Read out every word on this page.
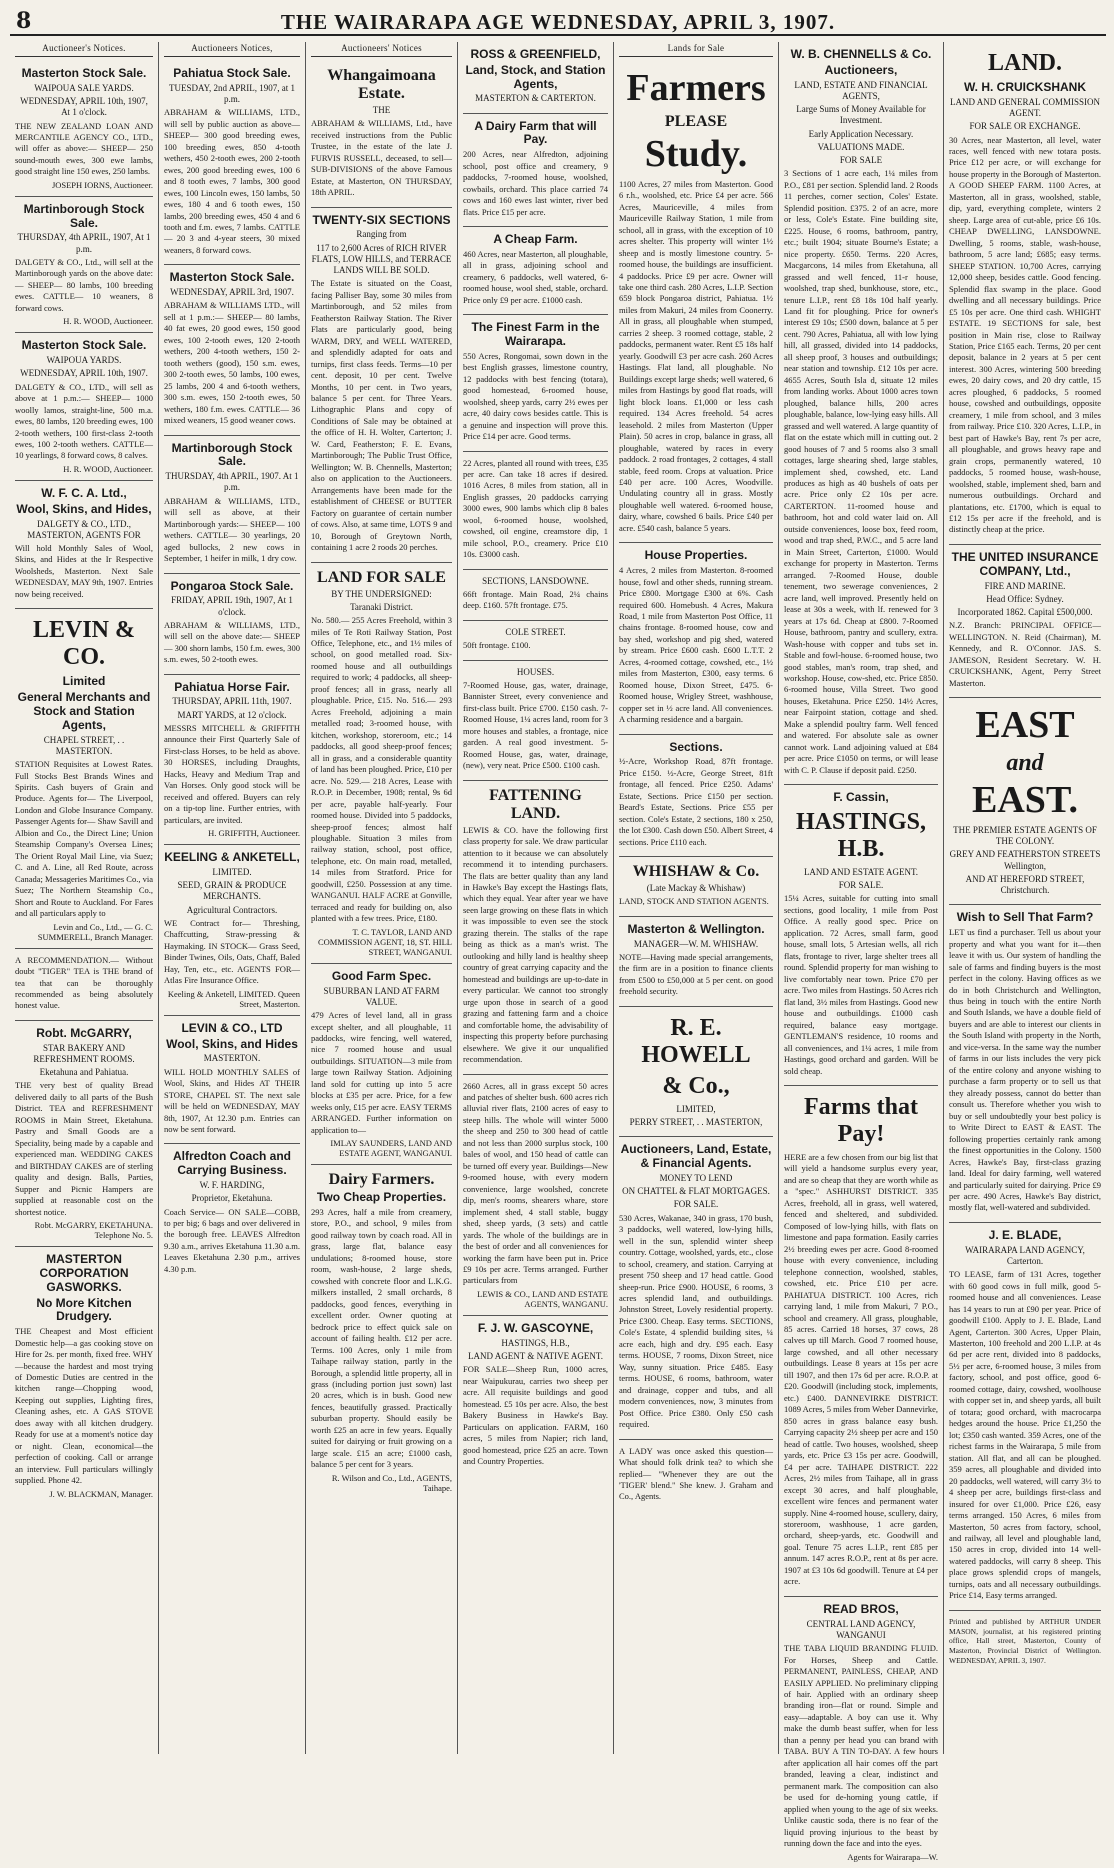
8	THE WAIRARAPA AGE WEDNESDAY, APRIL 3, 1907.
Auctioneer's Notices.
Masterton Stock Sale.
WAIPOUA SALE YARDS.
WEDNESDAY, APRIL 10th, 1907, At 1 o'clock.

THE NEW ZEALAND LOAN AND MERCANTILE AGENCY CO., LTD., will offer as above:— SHEEP— 250 sound-mouth ewes, 300 ewe lambs, good straight line 150 ewes, 250 lambs.

JOSEPH IORNS, Auctioneer.
Martinborough Stock Sale.
THURSDAY, 4th APRIL, 1907, At 1 p.m.

DALGETY & CO., Ltd., will sell at the Martinborough yards on the above date:— SHEEP— 80 lambs, 100 breeding ewes. CATTLE— 10 weaners, 8 forward cows.

H. R. WOOD, Auctioneer.
Masterton Stock Sale.
WAIPOUA YARDS.
WEDNESDAY, APRIL 10th, 1907.

DALGETY & CO., LTD., will sell as above at 1 p.m.:— SHEEP— 1000 woolly lamos, straight-line, 500 m.a. ewes, 80 lambs, 120 breeding ewes, 100 2-tooth wethers, 100 first-class 2-tooth ewes, 100 2-tooth wethers. CATTLE— 10 yearlings, 8 forward cows, 8 calves.

H. R. WOOD, Auctioneer.
W. F. C. A. Ltd.,
Wool, Skins, and Hides,
DALGETY & CO., LTD., MASTERTON, AGENTS FOR

Will hold Monthly Sales of Wool, Skins, and Hides at the Ir Respective Woolsheds, Masterton. Next Sale WEDNESDAY, MAY 9th, 1907. Entries now being received.

LEVIN & CO.
Limited
General Merchants and Stock and Station Agents,
CHAPEL STREET, . . MASTERTON.

STATION Requisites at Lowest Rates. Full Stocks Best Brands Wines and Spirits. Cash buyers of Grain and Produce. Agents for— The Liverpool, London and Globe Insurance Company. Passenger Agents for— Shaw Savill and Albion and Co., the Direct Line; Union Steamship Company's Oversea Lines; The Orient Royal Mail Line, via Suez; C. and A. Line, all Red Route, across Canada; Messageries Maritimes Co., via Suez; The Northern Steamship Co., Short and Route to Auckland. For Fares and all particulars apply to

Levin and Co., Ltd., — G. C. SUMMERELL, Branch Manager.

A RECOMMENDATION.— Without doubt "TIGER" TEA is THE brand of tea that can be thoroughly recommended as being absolutely honest value.

Robt. McGARRY,
STAR BAKERY AND REFRESHMENT ROOMS.
Eketahuna and Pahiatua.

THE very best of quality Bread delivered daily to all parts of the Bush District. TEA and REFRESHMENT ROOMS in Main Street, Eketahuna. Pastry and Small Goods are a Speciality, being made by a capable and experienced man. WEDDING CAKES and BIRTHDAY CAKES are of sterling quality and design. Balls, Parties, Supper and Picnic Hampers are supplied at reasonable cost on the shortest notice.

Robt. McGARRY, EKETAHUNA. Telephone No. 5.
MASTERTON CORPORATION GASWORKS.
No More Kitchen Drudgery.

THE Cheapest and Most efficient Domestic help—a gas cooking stove on Hire for 2s. per month, fixed free. WHY—because the hardest and most trying of Domestic Duties are centred in the kitchen range—Chopping wood, Keeping out supplies, Lighting fires, Cleaning ashes, etc. A GAS STOVE does away with all kitchen drudgery. Ready for use at a moment's notice day or night. Clean, economical—the perfection of cooking. Call or arrange an interview. Full particulars willingly supplied. Phone 42.

J. W. BLACKMAN, Manager.
Auctioneers Notices,
Pahiatua Stock Sale.
TUESDAY, 2nd APRIL, 1907, at 1 p.m.

ABRAHAM & WILLIAMS, LTD., will sell by public auction as above— SHEEP— 300 good breeding ewes, 100 breeding ewes, 850 4-tooth wethers, 450 2-tooth ewes, 200 2-tooth ewes, 200 good breeding ewes, 100 6 and 8 tooth ewes, 7 lambs, 300 good ewes, 100 Lincoln ewes, 150 lambs, 50 ewes, 180 4 and 6 tooth ewes, 150 lambs, 200 breeding ewes, 450 4 and 6 tooth and f.m. ewes, 7 lambs. CATTLE— 20 3 and 4-year steers, 30 mixed weaners, 8 forward cows.

Masterton Stock Sale.
WEDNESDAY, APRIL 3rd, 1907.

ABRAHAM & WILLIAMS LTD., will sell at 1 p.m.:— SHEEP— 80 lambs, 40 fat ewes, 20 good ewes, 150 good ewes, 100 2-tooth ewes, 120 2-tooth wethers, 200 4-tooth wethers, 150 2-tooth wethers (good), 150 s.m. ewes, 300 2-tooth ewes, 50 lambs, 100 ewes, 25 lambs, 200 4 and 6-tooth wethers, 300 s.m. ewes, 150 2-tooth ewes, 50 wethers, 180 f.m. ewes. CATTLE— 36 mixed weaners, 15 good weaner cows.

Martinborough Stock Sale.
THURSDAY, 4th APRIL, 1907. At 1 p.m.

ABRAHAM & WILLIAMS, LTD., will sell as above, at their Martinborough yards:— SHEEP— 100 wethers. CATTLE— 30 yearlings, 20 aged bullocks, 2 new cows in September, 1 heifer in milk, 1 dry cow.

Pongaroa Stock Sale.
FRIDAY, APRIL 19th, 1907, At 1 o'clock.

ABRAHAM & WILLIAMS, LTD., will sell on the above date:— SHEEP— 300 shorn lambs, 150 f.m. ewes, 300 s.m. ewes, 50 2-tooth ewes.

Pahiatua Horse Fair.
THURSDAY, APRIL 11th, 1907.
MART YARDS, at 12 o'clock.

MESSRS MITCHELL & GRIFFITH announce their First Quarterly Sale of First-class Horses, to be held as above. 30 HORSES, including Draughts, Hacks, Heavy and Medium Trap and Van Horses. Only good stock will be received and offered. Buyers can rely on a tip-top line. Further entries, with particulars, are invited.

H. GRIFFITH, Auctioneer.
KEELING & ANKETELL,
LIMITED.
SEED, GRAIN & PRODUCE MERCHANTS.
Agricultural Contractors.

WE Contract for— Threshing, Chaffcutting, Straw-pressing & Haymaking. IN STOCK— Grass Seed, Binder Twines, Oils, Oats, Chaff, Baled Hay, Ten, etc., etc. AGENTS FOR— Atlas Fire Insurance Office.

Keeling & Anketell, LIMITED. Queen Street, Masterton.
LEVIN & CO., LTD
Wool, Skins, and Hides
MASTERTON.

WILL HOLD MONTHLY SALES of Wool, Skins, and Hides AT THEIR STORE, CHAPEL ST. The next sale will be held on WEDNESDAY, MAY 8th, 1907, At 12.30 p.m. Entries can now be sent forward.

Alfredton Coach and Carrying Business.
W. F. HARDING,
Proprietor, Eketahuna.

Coach Service— ON SALE—COBB, to per big; 6 bags and over delivered in the borough free. LEAVES Alfredton 9.30 a.m., arrives Eketahuna 11.30 a.m. Leaves Eketahuna 2.30 p.m., arrives 4.30 p.m.

Auctioneers' Notices
Whangaimoana Estate.
THE

ABRAHAM & WILLIAMS, Ltd., have received instructions from the Public Trustee, in the estate of the late J. FURVIS RUSSELL, deceased, to sell— SUB-DIVISIONS of the above Famous Estate, at Masterton, ON THURSDAY, 18th APRIL.

TWENTY-SIX SECTIONS
Ranging from
117 to 2,600 Acres of RICH RIVER FLATS, LOW HILLS, and TERRACE LANDS WILL BE SOLD.

The Estate is situated on the Coast, facing Palliser Bay, some 30 miles from Martinborough, and 52 miles from Featherston Railway Station. The River Flats are particularly good, being WARM, DRY, and WELL WATERED, and splendidly adapted for oats and turnips, first class feeds. Terms—10 per cent. deposit, 10 per cent. Twelve Months, 10 per cent. in Two years, balance 5 per cent. for Three Years. Lithographic Plans and copy of Conditions of Sale may be obtained at the office of H. H. Wolter, Carterton; J. W. Card, Featherston; F. E. Evans, Martinborough; The Public Trust Office, Wellington; W. B. Chennells, Masterton; also on application to the Auctioneers. Arrangements have been made for the establishment of CHEESE or BUTTER Factory on guarantee of certain number of cows. Also, at same time, LOTS 9 and 10, Borough of Greytown North, containing 1 acre 2 roods 20 perches.

LAND FOR SALE
BY THE UNDERSIGNED:
Taranaki District.

No. 580.— 255 Acres Freehold, within 3 miles of Te Roti Railway Station, Post Office, Telephone, etc., and 1½ miles of school, on good metalled road. Six-roomed house and all outbuildings required to work; 4 paddocks, all sheep-proof fences; all in grass, nearly all ploughable. Price, £15. No. 516.— 293 Acres Freehold, adjoining a main metalled road; 3-roomed house, with kitchen, workshop, storeroom, etc.; 14 paddocks, all good sheep-proof fences; all in grass, and a considerable quantity of land has been ploughed. Price, £10 per acre. No. 529.— 218 Acres, Lease with R.O.P. in December, 1908; rental, 9s 6d per acre, payable half-yearly. Four roomed house. Divided into 5 paddocks, sheep-proof fences; almost half ploughable. Situation 3 miles from railway station, school, post office, telephone, etc. On main road, metalled, 14 miles from Stratford. Price for goodwill, £250. Possession at any time. WANGANUI. HALF ACRE at Gonville, terraced and ready for building on, also planted with a few trees. Price, £180.

T. C. TAYLOR, LAND AND COMMISSION AGENT, 18, ST. HILL STREET, WANGANUI.
Good Farm Spec.
SUBURBAN LAND AT FARM VALUE.

479 Acres of level land, all in grass except shelter, and all ploughable, 11 paddocks, wire fencing, well watered, nice 7 roomed house and usual outbuildings. SITUATION—3 mile from large town Railway Station. Adjoining land sold for cutting up into 5 acre blocks at £35 per acre. Price, for a few weeks only, £15 per acre. EASY TERMS ARRANGED. Further information on application to—

IMLAY SAUNDERS, LAND AND ESTATE AGENT, WANGANUI.
Dairy Farmers.
Two Cheap Properties.

293 Acres, half a mile from creamery, store, P.O., and school, 9 miles from good railway town by coach road. All in grass, large flat, balance easy undulations; 8-roomed house, store room, wash-house, 2 large sheds, cowshed with concrete floor and L.K.G. milkers installed, 2 small orchards, 8 paddocks, good fences, everything in excellent order. Owner quoting at bedrock price to effect quick sale on account of failing health. £12 per acre. Terms. 100 Acres, only 1 mile from Taihape railway station, partly in the Borough, a splendid little property, all in grass (including portion just sown) last 20 acres, which is in bush. Good new fences, beautifully grassed. Practically suburban property. Should easily be worth £25 an acre in few years. Equally suited for dairying or fruit growing on a large scale. £15 an acre; £1000 cash, balance 5 per cent for 3 years.

R. Wilson and Co., Ltd., AGENTS, Taihape.
ROSS & GREENFIELD,
Land, Stock, and Station Agents,
MASTERTON & CARTERTON.
A Dairy Farm that will Pay.

200 Acres, near Alfredton, adjoining school, post office and creamery, 9 paddocks, 7-roomed house, woolshed, cowbails, orchard. This place carried 74 cows and 160 ewes last winter, river bed flats. Price £15 per acre.

A Cheap Farm.

460 Acres, near Masterton, all ploughable, all in grass, adjoining school and creamery, 6 paddocks, well watered, 6-roomed house, wool shed, stable, orchard. Price only £9 per acre. £1000 cash.

The Finest Farm in the Wairarapa.

550 Acres, Rongomai, sown down in the best English grasses, limestone country, 12 paddocks with best fencing (totara), good homestead, 6-roomed house, woolshed, sheep yards, carry 2½ ewes per acre, 40 dairy cows besides cattle. This is a genuine and inspection will prove this. Price £14 per acre. Good terms.

22 Acres, planted all round with trees, £35 per acre. Can take 18 acres if desired. 1016 Acres, 8 miles from station, all in English grasses, 20 paddocks carrying 3000 ewes, 900 lambs which clip 8 bales wool, 6-roomed house, woolshed, cowshed, oil engine, creamstore dip, 1 mile school, P.O., creamery. Price £10 10s. £3000 cash.

SECTIONS, LANSDOWNE.

66ft frontage. Main Road, 2¼ chains deep. £160. 57ft frontage. £75.

COLE STREET.

50ft frontage. £100.

HOUSES.

7-Roomed House, gas, water, drainage, Bannister Street, every convenience and first-class built. Price £700. £150 cash. 7-Roomed House, 1¼ acres land, room for 3 more houses and stables, a frontage, nice garden. A real good investment. 5-Roomed House, gas, water, drainage, (new), very neat. Price £500. £100 cash.

FATTENING LAND.

LEWIS & CO. have the following first class property for sale. We draw particular attention to it because we can absolutely recommend it to intending purchasers. The flats are better quality than any land in Hawke's Bay except the Hastings flats, which they equal. Year after year we have seen large growing on these flats in which it was impossible to even see the stock grazing therein. The stalks of the rape being as thick as a man's wrist. The outlooking and hilly land is healthy sheep country of great carrying capacity and the homestead and buildings are up-to-date in every particular. We cannot too strongly urge upon those in search of a good grazing and fattening farm and a choice and comfortable home, the advisability of inspecting this property before purchasing elsewhere. We give it our unqualified recommendation.

2660 Acres, all in grass except 50 acres and patches of shelter bush. 600 acres rich alluvial river flats, 2100 acres of easy to steep hills. The whole will winter 5000 the sheep and 250 to 300 head of cattle and not less than 2000 surplus stock, 100 bales of wool, and 150 head of cattle can be turned off every year. Buildings—New 9-roomed house, with every modern convenience, large woolshed, concrete dip, men's rooms, shearers whare, store implement shed, 4 stall stable, buggy shed, sheep yards, (3 sets) and cattle yards. The whole of the buildings are in the best of order and all conveniences for working the farm have been put in. Price £9 10s per acre. Terms arranged. Further particulars from

LEWIS & CO., LAND AND ESTATE AGENTS, WANGANU.
F. J. W. GASCOYNE,
HASTINGS, H.B.,
LAND AGENT & NATIVE AGENT.

FOR SALE—Sheep Run, 1000 acres, near Waipukurau, carries two sheep per acre. All requisite buildings and good homestead. £5 10s per acre. Also, the best Bakery Business in Hawke's Bay. Particulars on application. FARM, 160 acres, 5 miles from Napier; rich land, good homestead, price £25 an acre. Town and Country Properties.

Lands for Sale
Farmers
PLEASE
Study.

1100 Acres, 27 miles from Masterton. Good 6 r.h., woolshed, etc. Price £4 per acre. 566 Acres, Mauriceville, 4 miles from Mauriceville Railway Station, 1 mile from school, all in grass, with the exception of 10 acres shelter. This property will winter 1½ sheep and is mostly limestone country. 5-roomed house, the buildings are insufficient. 4 paddocks. Price £9 per acre. Owner will take one third cash. 280 Acres, L.I.P. Section 659 block Pongaroa district, Pahiatua. 1½ miles from Makuri, 24 miles from Coonerry. All in grass, all ploughable when stumped, carries 2 sheep. 3 roomed cottage, stable, 2 paddocks, permanent water. Rent £5 18s half yearly. Goodwill £3 per acre cash. 260 Acres Hastings. Flat land, all ploughable. No Buildings except large sheds; well watered, 6 miles from Hastings by good flat roads, will light block loans. £1,000 or less cash required. 134 Acres freehold. 54 acres leasehold. 2 miles from Masterton (Upper Plain). 50 acres in crop, balance in grass, all ploughable, watered by races in every paddock. 2 road frontages, 2 cottages, 4 stall stable, feed room. Crops at valuation. Price £40 per acre. 100 Acres, Woodville. Undulating country all in grass. Mostly ploughable well watered. 6-roomed house, dairy, whare, cowshed 6 bails. Price £40 per acre. £540 cash, balance 5 years.

House Properties.

4 Acres, 2 miles from Masterton. 8-roomed house, fowl and other sheds, running stream. Price £800. Mortgage £300 at 6%. Cash required 600. Homebush. 4 Acres, Makura Road, 1 mile from Masterton Post Office, 11 chains frontage. 8-roomed house, cow and bay shed, workshop and pig shed, watered by stream. Price £600 cash. £600 L.T.T. 2 Acres, 4-roomed cottage, cowshed, etc., 1½ miles from Masterton, £300, easy terms. 6 Roomed house, Dixon Street, £475. 6-Roomed house, Wrigley Street, washhouse, copper set in ½ acre land. All conveniences. A charming residence and a bargain.

Sections.

½-Acre, Workshop Road, 87ft frontage. Price £150. ½-Acre, George Street, 81ft frontage, all fenced. Price £250. Adams' Estate, Sections. Price £150 per section. Beard's Estate, Sections. Price £55 per section. Cole's Estate, 2 sections, 180 x 250, the lot £300. Cash down £50. Albert Street, 4 sections. Price £110 each.

WHISHAW & Co.
(Late Mackay & Whishaw)

LAND, STOCK AND STATION AGENTS.

Masterton & Wellington.
MANAGER—W. M. WHISHAW.

NOTE—Having made special arrangements, the firm are in a position to finance clients from £500 to £50,000 at 5 per cent. on good freehold security.

R. E. HOWELL
& Co.,
LIMITED,
PERRY STREET, . . MASTERTON,
Auctioneers, Land, Estate, & Financial Agents.
MONEY TO LEND
ON CHATTEL & FLAT MORTGAGES.
FOR SALE.

530 Acres, Wakanae, 340 in grass, 170 bush, 3 paddocks, well watered, low-lying hills, well in the sun, splendid winter sheep country. Cottage, woolshed, yards, etc., close to school, creamery, and station. Carrying at present 750 sheep and 17 head cattle. Good sheep-run. Price £900. HOUSE, 6 rooms, 3 acres splendid land, and outbuildings. Johnston Street, Lovely residential property. Price £300. Cheap. Easy terms. SECTIONS, Cole's Estate, 4 splendid building sites, ¼ acre each, high and dry. £95 each. Easy terms. HOUSE, 7 rooms, Dixon Street, nice Way, sunny situation. Price £485. Easy terms. HOUSE, 6 rooms, bathroom, water and drainage, copper and tubs, and all modern conveniences, now, 3 minutes from Post Office. Price £380. Only £50 cash required.

A LADY was once asked this question— What should folk drink tea? to which she replied— "Whenever they are out the 'TIGER' blend." She knew. J. Graham and Co., Agents.

W. B. CHENNELLS & Co.
Auctioneers,
LAND, ESTATE AND FINANCIAL AGENTS,
Large Sums of Money Available for Investment.
Early Application Necessary.
VALUATIONS MADE.
FOR SALE

3 Sections of 1 acre each, 1¼ miles from P.O., £81 per section. Splendid land. 2 Roods 11 perches, corner section, Coles' Estate. Splendid position. £375. 2 of an acre, more or less, Cole's Estate. Fine building site, £225. House, 6 rooms, bathroom, pantry, etc.; built 1904; situate Bourne's Estate; a nice property. £650. Terms. 220 Acres, Macgarcons, 14 miles from Eketahuna, all grassed and well fenced, 11-r house, woolshed, trap shed, bunkhouse, store, etc., tenure L.I.P., rent £8 18s 10d half yearly. Land fit for ploughing. Price for owner's interest £9 10s; £500 down, balance at 5 per cent. 790 Acres, Pahiatua, all with low lying hill, all grassed, divided into 14 paddocks, all sheep proof, 3 houses and outbuildings; near station and township. £12 10s per acre. 4655 Acres, South Isla d, situate 12 miles from landing works. About 1000 acres town ploughed, balance hills, 200 acres ploughable, balance, low-lying easy hills. All grassed and well watered. A large quantity of flat on the estate which mill in cutting out. 2 good houses of 7 and 5 rooms also 3 small cottages, large shearing shed, large stables, implement shed, cowshed, etc. Land produces as high as 40 bushels of oats per acre. Price only £2 10s per acre. CARTERTON. 11-roomed house and bathroom, hot and cold water laid on. All outside conveniences, loose box, feed room, wood and trap shed, P.W.C., and 5 acre land in Main Street, Carterton, £1000. Would exchange for property in Masterton. Terms arranged. 7-Roomed House, double tenement, two sewerage conveniences, 2 acre land, well improved. Presently held on lease at 30s a week, with lf. renewed for 3 years at 17s 6d. Cheap at £800. 7-Roomed House, bathroom, pantry and scullery, extra. Wash-house with copper and tubs set in. Stable and fowl-house. 6-roomed house, two good stables, man's room, trap shed, and workshop. House, cow-shed, etc. Price £850. 6-roomed house, Villa Street. Two good houses, Eketahuna. Price £250. 14½ Acres, near Fairpoint station, cottage and shed. Make a splendid poultry farm. Well fenced and watered. For absolute sale as owner cannot work. Land adjoining valued at £84 per acre. Price £1050 on terms, or will lease with C. P. Clause if deposit paid. £250.

F. Cassin,
HASTINGS, H.B.
LAND AND ESTATE AGENT.
FOR SALE.

15¼ Acres, suitable for cutting into small sections, good locality, 1 mile from Post Office. A really good spec. Price on application. 72 Acres, small farm, good house, small lots, 5 Artesian wells, all rich flats, frontage to river, large shelter trees all round. Splendid property for man wishing to live comfortably near town. Price £70 per acre. Two miles from Hastings. 50 Acres rich flat land, 3½ miles from Hastings. Good new house and outbuildings. £1000 cash required, balance easy mortgage. GENTLEMAN'S residence, 10 rooms and all conveniences, and 1¼ acres, 1 mile from Hastings, good orchard and garden. Will be sold cheap.

Farms that Pay!

HERE are a few chosen from our big list that will yield a handsome surplus every year, and are so cheap that they are worth while as a "spec." ASHHURST DISTRICT. 335 Acres, freehold, all in grass, well watered, fenced and sheltered, and subdivided. Composed of low-lying hills, with flats on limestone and papa formation. Easily carries 2½ breeding ewes per acre. Good 8-roomed house with every convenience, including telephone connection, woolshed, stables, cowshed, etc. Price £10 per acre. PAHIATUA DISTRICT. 100 Acres, rich carrying land, 1 mile from Makuri, 7 P.O., school and creamery. All grass, ploughable, 85 acres. Carried 18 horses, 37 cows, 28 calves up till March. Good 7 roomed house, large cowshed, and all other necessary outbuildings. Lease 8 years at 15s per acre till 1907, and then 17s 6d per acre. R.O.P. at £20. Goodwill (including stock, implements, etc.) £400. DANNEVIRKE DISTRICT. 1089 Acres, 5 miles from Weber Dannevirke, 850 acres in grass balance easy bush. Carrying capacity 2½ sheep per acre and 150 head of cattle. Two houses, woolshed, sheep yards, etc. Price £3 15s per acre. Goodwill, £4 per acre. TAIHAPE DISTRICT. 222 Acres, 2½ miles from Taihape, all in grass except 30 acres, and half ploughable, excellent wire fences and permanent water supply. Nine 4-roomed house, scullery, dairy, storeroom, washhouse, 1 acre garden, orchard, sheep-yards, etc. Goodwill and goal. Tenure 75 acres L.I.P., rent £85 per annum. 147 acres R.O.P., rent at 8s per acre. 1907 at £3 10s 6d goodwill. Tenure at £4 per acre.

READ BROS,
CENTRAL LAND AGENCY, WANGANUI

THE TABA LIQUID BRANDING FLUID. For Horses, Sheep and Cattle. PERMANENT, PAINLESS, CHEAP, AND EASILY APPLIED. No preliminary clipping of hair. Applied with an ordinary sheep branding iron—flat or round. Simple and easy—adaptable. A boy can use it. Why make the dumb beast suffer, when for less than a penny per head you can brand with TABA. BUY A TIN TO-DAY. A few hours after application all hair comes off the part branded, leaving a clear, indistinct and permanent mark. The composition can also be used for de-horning young cattle, if applied when young to the age of six weeks. Unlike caustic soda, there is no fear of the liquid proving injurious to the beast by running down the face and into the eyes.

Agents for Wairarapa—W.
LAND.
W. H. CRUICKSHANK
LAND AND GENERAL COMMISSION AGENT.
FOR SALE OR EXCHANGE.

30 Acres, near Masterton, all level, water races, well fenced with new totara posts. Price £12 per acre, or will exchange for house property in the Borough of Masterton. A GOOD SHEEP FARM. 1100 Acres, at Masterton, all in grass, woolshed, stable, dip, yard, everything complete, winters 2 sheep. Large area of cut-able, price £6 10s. CHEAP DWELLING, LANSDOWNE. Dwelling, 5 rooms, stable, wash-house, bathroom, 5 acre land; £685; easy terms. SHEEP STATION. 10,700 Acres, carrying 12,000 sheep, besides cattle. Good fencing. Splendid flax swamp in the place. Good dwelling and all necessary buildings. Price £5 10s per acre. One third cash. WHIGHT ESTATE. 19 SECTIONS for sale, best position in Main rise, close to Railway Station, Price £165 each. Terms, 20 per cent deposit, balance in 2 years at 5 per cent interest. 300 Acres, wintering 500 breeding ewes, 20 dairy cows, and 20 dry cattle, 15 acres ploughed, 6 paddocks, 5 roomed house, cowshed and outbuildings, opposite creamery, 1 mile from school, and 3 miles from railway. Price £10. 320 Acres, L.I.P., in best part of Hawke's Bay, rent 7s per acre, all ploughable, and grows heavy rape and grain crops, permanently watered, 10 paddocks, 5 roomed house, wash-house, woolshed, stable, implement shed, barn and numerous outbuildings. Orchard and plantations, etc. £1700, which is equal to £12 15s per acre if the freehold, and is distinctly cheap at the price.

THE UNITED INSURANCE COMPANY, Ltd.,
FIRE AND MARINE.
Head Office: Sydney.
Incorporated 1862. Capital £500,000.

N.Z. Branch: PRINCIPAL OFFICE—WELLINGTON. N. Reid (Chairman), M. Kennedy, and R. O'Connor. JAS. S. JAMESON, Resident Secretary. W. H. CRUICKSHANK, Agent, Perry Street Masterton.

EAST
and
EAST.
THE PREMIER ESTATE AGENTS OF THE COLONY.
GREY AND FEATHERSTON STREETS Wellington,
AND AT HEREFORD STREET, Christchurch.
Wish to Sell That Farm?

LET us find a purchaser. Tell us about your property and what you want for it—then leave it with us. Our system of handling the sale of farms and finding buyers is the most perfect in the colony. Having offices as we do in both Christchurch and Wellington, thus being in touch with the entire North and South Islands, we have a double field of buyers and are able to interest our clients in the South Island with property in the North, and vice-versa. In the same way the number of farms in our lists includes the very pick of the entire colony and anyone wishing to purchase a farm property or to sell us that they already possess, cannot do better than consult us. Therefore whether you wish to buy or sell undoubtedly your best policy is to Write Direct to EAST & EAST. The following properties certainly rank among the finest opportunities in the Colony. 1500 Acres, Hawke's Bay, first-class grazing land. Ideal for dairy farming, well watered and particularly suited for dairying. Price £9 per acre. 490 Acres, Hawke's Bay district, mostly flat, well-watered and subdivided.

J. E. BLADE,
WAIRARAPA LAND AGENCY, Carterton.

TO LEASE, farm of 131 Acres, together with 60 good cows in full milk, good 5-roomed house and all conveniences. Lease has 14 years to run at £90 per year. Price of goodwill £100. Apply to J. E. Blade, Land Agent, Carterton. 300 Acres, Upper Plain, Masterton, 100 freehold and 200 L.I.P. at 4s 6d per acre rent, divided into 8 paddocks, 5½ per acre, 6-roomed house, 3 miles from factory, school, and post office, good 6-roomed cottage, dairy, cowshed, woolhouse with copper set in, and sheep yards, all built of totara; good orchard, with macrocarpa hedges around the house. Price £1,250 the lot; £350 cash wanted. 359 Acres, one of the richest farms in the Wairarapa, 5 mile from station. All flat, and all can be ploughed. 359 acres, all ploughable and divided into 20 paddocks, well watered, will carry 3½ to 4 sheep per acre, buildings first-class and insured for over £1,000. Price £26, easy terms arranged. 150 Acres, 6 miles from Masterton, 50 acres from factory, school, and railway, all level and ploughable land, 150 acres in crop, divided into 14 well-watered paddocks, will carry 8 sheep. This place grows splendid crops of mangels, turnips, oats and all necessary outbuildings. Price £14, Easy terms arranged.

Printed and published by ARTHUR UNDER MASON, journalist, at his registered printing office, Hall street, Masterton, County of Masterton, Provincial District of Wellington. WEDNESDAY, APRIL 3, 1907.
